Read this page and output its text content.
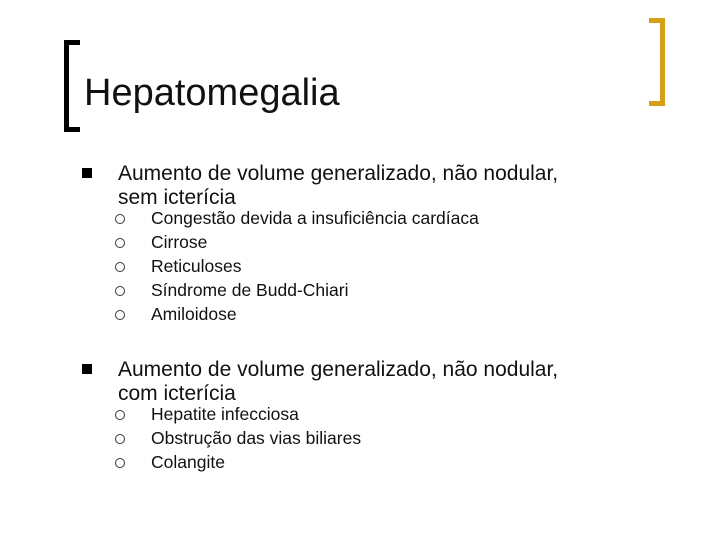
Hepatomegalia
Aumento de volume generalizado, não nodular,
sem icterícia
Congestão devida a insuficiência cardíaca
Cirrose
Reticuloses
Síndrome de Budd-Chiari
Amiloidose
Aumento de volume generalizado, não nodular,
com icterícia
Hepatite infecciosa
Obstrução das vias biliares
Colangite
